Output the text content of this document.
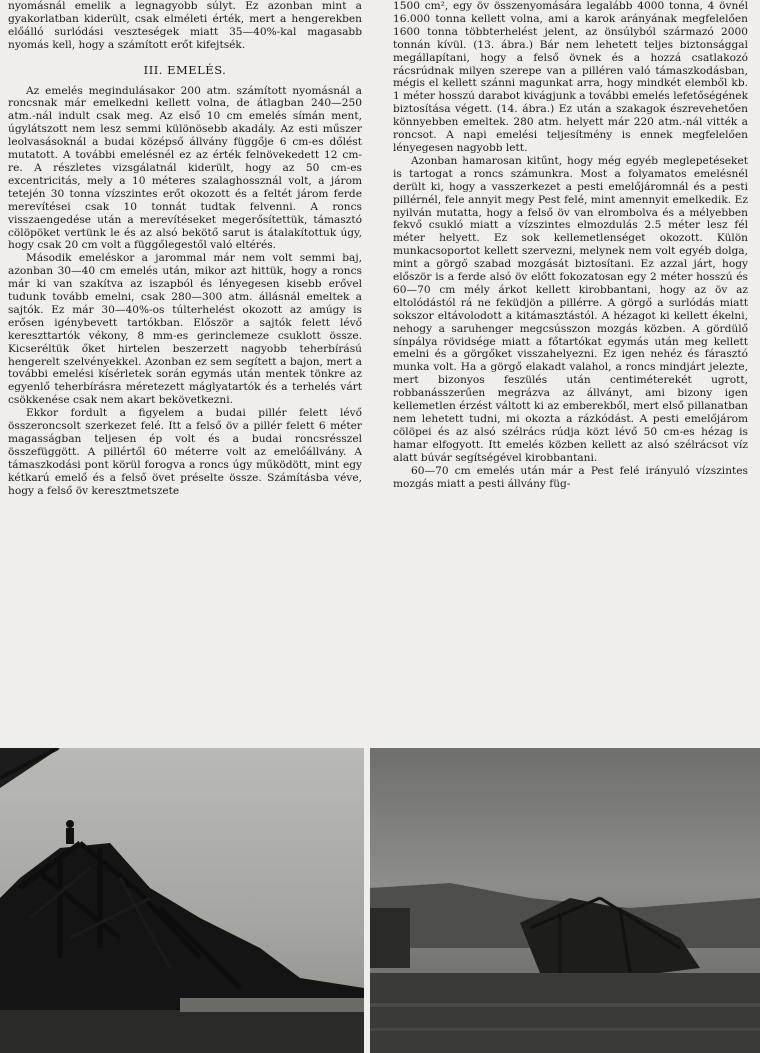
nyomásnál emelik a legnagyobb súlyt. Ez azonban mint a gyakorlatban kiderült, csak elméleti érték, mert a hengerekben előálló surlódási veszteségek miatt 35—40%-kal magasabb nyomás kell, hogy a számított erőt kifejtsék.

III. EMELÉS.

Az emelés megindulásakor 200 atm. számított nyomásnál a roncsnak már emelkedni kellett volna, de átlagban 240—250 atm.-nál indult csak meg. Az első 10 cm emelés símán ment, úgylátszott nem lesz semmi különösebb akadály. Az esti műszer leolvasásoknál a budai középső állvány függője 6 cm-es dőlést mutatott. A további emelésnél ez az érték felnövekedett 12 cm-re. A részletes vizsgálatnál kiderült, hogy az 50 cm-es excentricitás, mely a 10 méteres szalaghossznál volt, a járom tetején 30 tonna vízszintes erőt okozott és a feltét járom ferde merevítései csak 10 tonnát tudtak felvenni. A roncs visszaengedése után a merevítéseket megerősítettük, támasztó cölöpöket vertünk le és az alsó bekötő sarut is átalakítottuk úgy, hogy csak 20 cm volt a függőlegestől való eltérés.

Második emeléskor a jarommal már nem volt semmi baj, azonban 30—40 cm emelés után, mikor azt hittük, hogy a roncs már ki van szakítva az iszapból és lényegesen kisebb erővel tudunk tovább emelni, csak 280—300 atm. állásnál emeltek a sajtók. Ez már 30—40%-os túlterhelést okozott az amúgy is erősen igénybevett tartókban. Először a sajtók felett lévő kereszttartók vékony, 8 mm-es gerinclemeze csuklott össze. Kicseréltük őket hirtelen beszerzett nagyobb teherbírású hengerelt szelvényekkel. Azonban ez sem segített a bajon, mert a további emelési kísérletek során egymás után mentek tönkre az egyenlő teherbírásra méretezett máglyatartók és a terhelés várt csökkenése csak nem akart bekövetkezni.

Ekkor fordult a figyelem a budai pillér felett lévő összeroncsolt szerkezet felé. Itt a felső öv a pillér felett 6 méter magasságban teljesen ép volt és a budai roncsrésszel összefüggött. A pillértől 60 méterre volt az emelőállvány. A támaszkodási pont körül forogva a roncs úgy működött, mint egy kétkarú emelő és a felső övet préselte össze. Számításba véve, hogy a felső öv keresztmetszete

1500 cm², egy öv összenyomására legalább 4000 tonna, 4 övnél 16.000 tonna kellett volna, ami a karok arányának megfelelően 1600 tonna többterhelést jelent, az önsúlyból származó 2000 tonnán kívül. (13. ábra.) Bár nem lehetett teljes biztonsággal megállapítani, hogy a felső övnek és a hozzá csatlakozó rácsrúdnak milyen szerepe van a pilléren való támaszkodásban, mégis el kellett szánni magunkat arra, hogy mindkét elemből kb. 1 méter hosszú darabot kivágjunk a további emelés lefetőségének biztosítása végett. (14. ábra.) Ez után a szakagok észrevehetően könnyebben emeltek. 280 atm. helyett már 220 atm.-nál vitték a roncsot. A napi emelési teljesítmény is ennek megfelelően lényegesen nagyobb lett.

Azonban hamarosan kitűnt, hogy még egyéb meglepetéseket is tartogat a roncs számunkra. Most a folyamatos emelésnél derült ki, hogy a vasszerkezet a pesti emelőjáromnál és a pesti pillérnél, fele annyit megy Pest felé, mint amennyit emelkedik. Ez nyilván mutatta, hogy a felső öv van elrombolva és a mélyebben fekvő csukló miatt a vízszintes elmozdulás 2.5 méter lesz fél méter helyett. Ez sok kellemetlenséget okozott. Külön munkacsoportot kellett szervezni, melynek nem volt egyéb dolga, mint a görgő szabad mozgását biztosítani. Ez azzal járt, hogy először is a ferde alsó öv előtt fokozatosan egy 2 méter hosszú és 60—70 cm mély árkot kellett kirobbantani, hogy az öv az eltolódástól rá ne feküdjön a pillérre. A görgő a surlódás miatt sokszor eltávolodott a kitámasztástól. A hézagot ki kellett ékelni, nehogy a saruhenger megcsússzon mozgás közben. A gördülő sínpálya rövidsége miatt a főtartókat egymás után meg kellett emelni és a görgőket visszahelyezni. Ez igen nehéz és fárasztó munka volt. Ha a görgő elakadt valahol, a roncs mindjárt jelezte, mert bizonyos feszülés után centiméterekét ugrott, robbanásszerűen megrázva az állványt, ami bizony igen kellemetlen érzést váltott ki az emberekből, mert első pillanatban nem lehetett tudni, mi okozta a rázkódást. A pesti emelőjárom cölöpei és az alsó szélrács rúdja közt lévő 50 cm-es hézag is hamar elfogyott. Itt emelés közben kellett az alsó szélrácsot víz alatt búvár segítségével kirobbantani.

60—70 cm emelés után már a Pest felé irányuló vízszintes mozgás miatt a pesti állvány füg-
